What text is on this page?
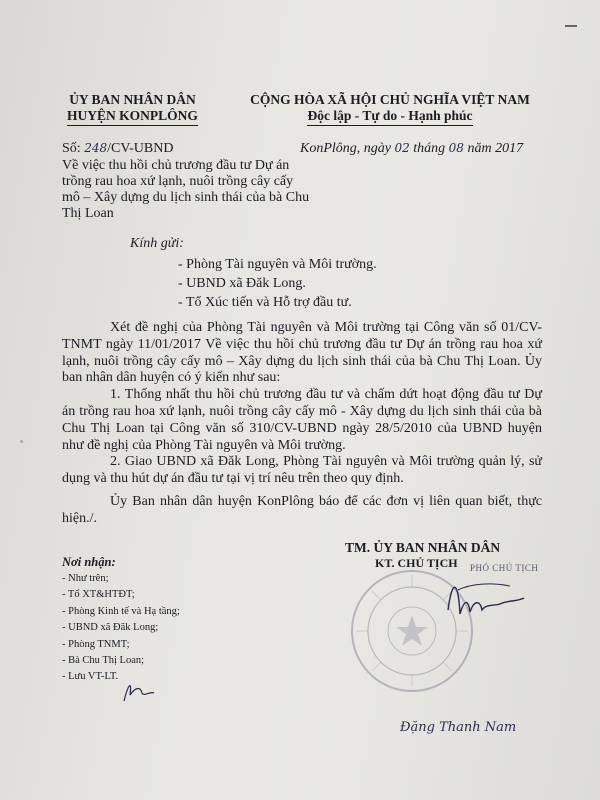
ỦY BAN NHÂN DÂN
HUYỆN KONPLÔNG
CỘNG HÒA XÃ HỘI CHỦ NGHĨA VIỆT NAM
Độc lập - Tự do - Hạnh phúc
Số: 248/CV-UBND
Về việc thu hồi chủ trương đầu tư Dự án trồng rau hoa xứ lạnh, nuôi trồng cây cấy mô – Xây dựng du lịch sinh thái của bà Chu Thị Loan
KonPlông, ngày 02 tháng 08 năm 2017
Kính gửi:
- Phòng Tài nguyên và Môi trường.
- UBND xã Đăk Long.
- Tổ Xúc tiến và Hỗ trợ đầu tư.

Xét đề nghị của Phòng Tài nguyên và Môi trường tại Công văn số 01/CV-TNMT ngày 11/01/2017 Về việc thu hồi chủ trương đầu tư Dự án trồng rau hoa xứ lạnh, nuôi trồng cây cấy mô – Xây dựng du lịch sinh thái của bà Chu Thị Loan. Ủy ban nhân dân huyện có ý kiến như sau:

1. Thống nhất thu hồi chủ trương đầu tư và chấm dứt hoạt động đầu tư Dự án trồng rau hoa xứ lạnh, nuôi trồng cây cấy mô - Xây dựng du lịch sinh thái của bà Chu Thị Loan tại Công văn số 310/CV-UBND ngày 28/5/2010 của UBND huyện như đề nghị của Phòng Tài nguyên và Môi trường.

2. Giao UBND xã Đăk Long, Phòng Tài nguyên và Môi trường quản lý, sử dụng và thu hút dự án đầu tư tại vị trí nêu trên theo quy định.

Ủy Ban nhân dân huyện KonPlông báo để các đơn vị liên quan biết, thực hiện./.

Nơi nhận:
- Như trên;
- Tổ XT&HTĐT;
- Phòng Kinh tế và Hạ tầng;
- UBND xã Đăk Long;
- Phòng TNMT;
- Bà Chu Thị Loan;
- Lưu VT-LT.
TM. ỦY BAN NHÂN DÂN
KT. CHỦ TỊCH PHÓ CHỦ TỊCH
Đặng Thanh Nam
